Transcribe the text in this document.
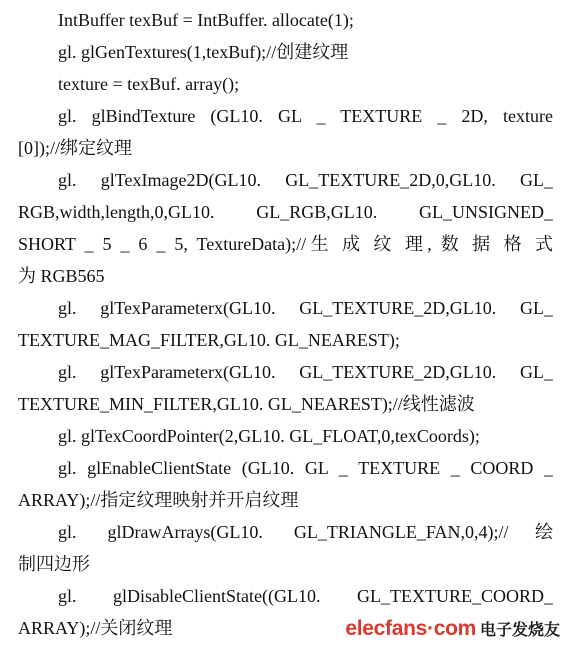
IntBuffer texBuf = IntBuffer. allocate(1);
gl. glGenTextures(1,texBuf);//创建纹理
texture = texBuf. array();
gl. glBindTexture (GL10. GL _ TEXTURE _ 2D, texture
[0]);//绑定纹理
gl. glTexImage2D(GL10. GL_TEXTURE_2D,0,GL10. GL_
RGB,width,length,0,GL10. GL_RGB,GL10. GL_UNSIGNED_
SHORT _ 5 _ 6 _ 5, TextureData);//生 成 纹 理, 数 据 格 式
为 RGB565
gl. glTexParameterx(GL10. GL_TEXTURE_2D,GL10. GL_
TEXTURE_MAG_FILTER,GL10. GL_NEAREST);
gl. glTexParameterx(GL10. GL_TEXTURE_2D,GL10. GL_
TEXTURE_MIN_FILTER,GL10. GL_NEAREST);//线性滤波
gl. glTexCoordPointer(2,GL10. GL_FLOAT,0,texCoords);
gl. glEnableClientState (GL10. GL _ TEXTURE _ COORD _
ARRAY);//指定纹理映射并开启纹理
gl. glDrawArrays(GL10. GL_TRIANGLE_FAN,0,4);//绘
制四边形
gl. glDisableClientState((GL10. GL_TEXTURE_COORD_
ARRAY);//关闭纹理	elecfans·com 电子发烧友
